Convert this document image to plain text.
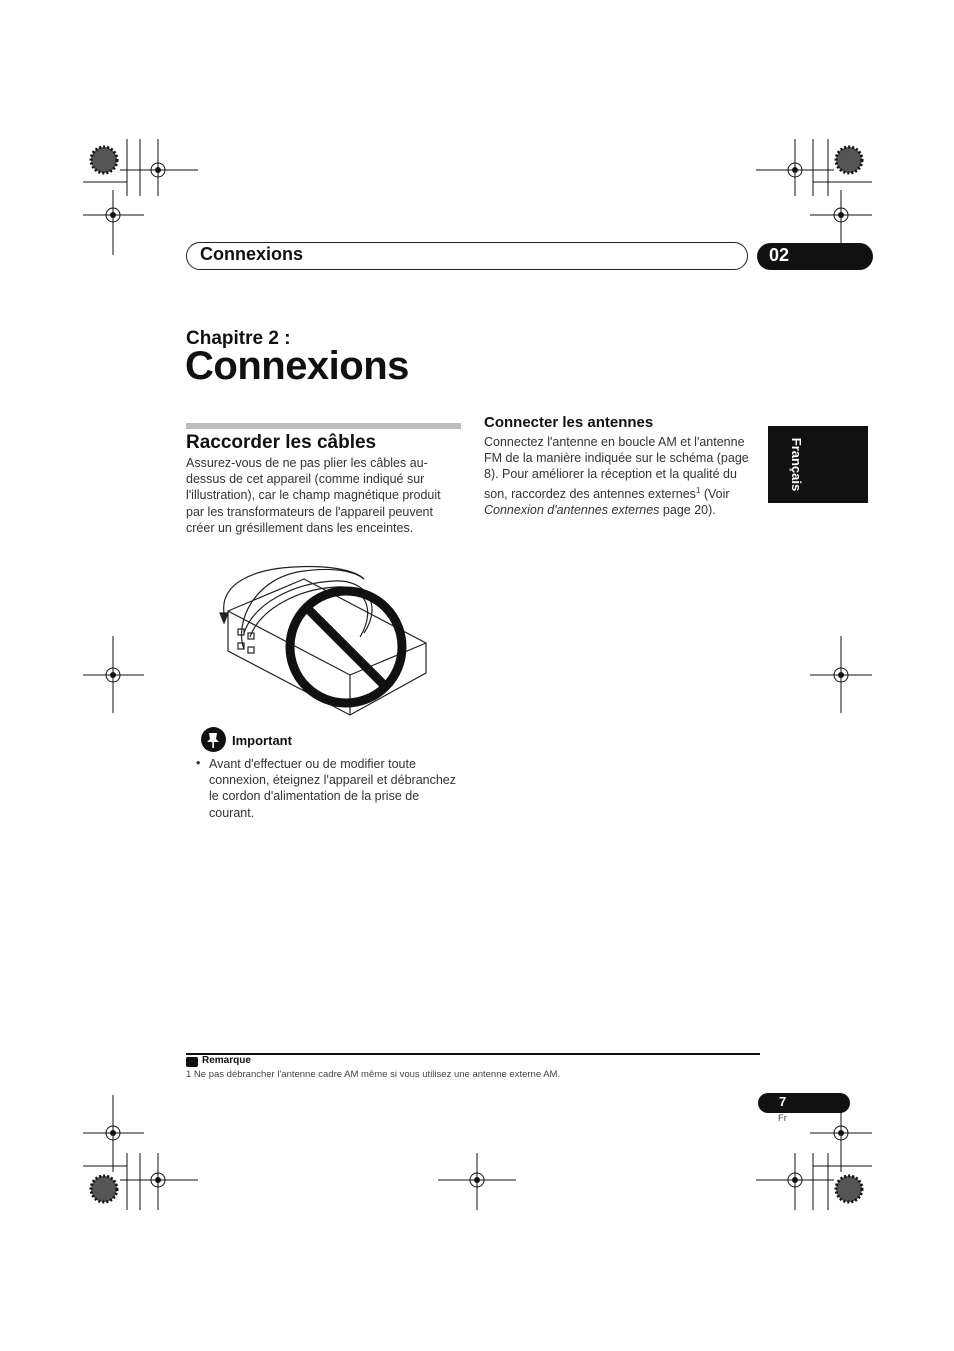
Connexions	02
Chapitre 2 :
Connexions
Raccorder les câbles
Assurez-vous de ne pas plier les câbles au-dessus de cet appareil (comme indiqué sur l'illustration), car le champ magnétique produit par les transformateurs de l'appareil peuvent créer un grésillement dans les enceintes.
Important
• Avant d'effectuer ou de modifier toute connexion, éteignez l'appareil et débranchez le cordon d'alimentation de la prise de courant.
Connecter les antennes
Connectez l'antenne en boucle AM et l'antenne FM de la manière indiquée sur le schéma (page 8). Pour améliorer la réception et la qualité du son, raccordez des antennes externes$^1$ (Voir Connexion d'antennes externes page 20).
Français
Remarque
1 Ne pas débrancher l'antenne cadre AM même si vous utilisez une antenne externe AM.
7
Fr
